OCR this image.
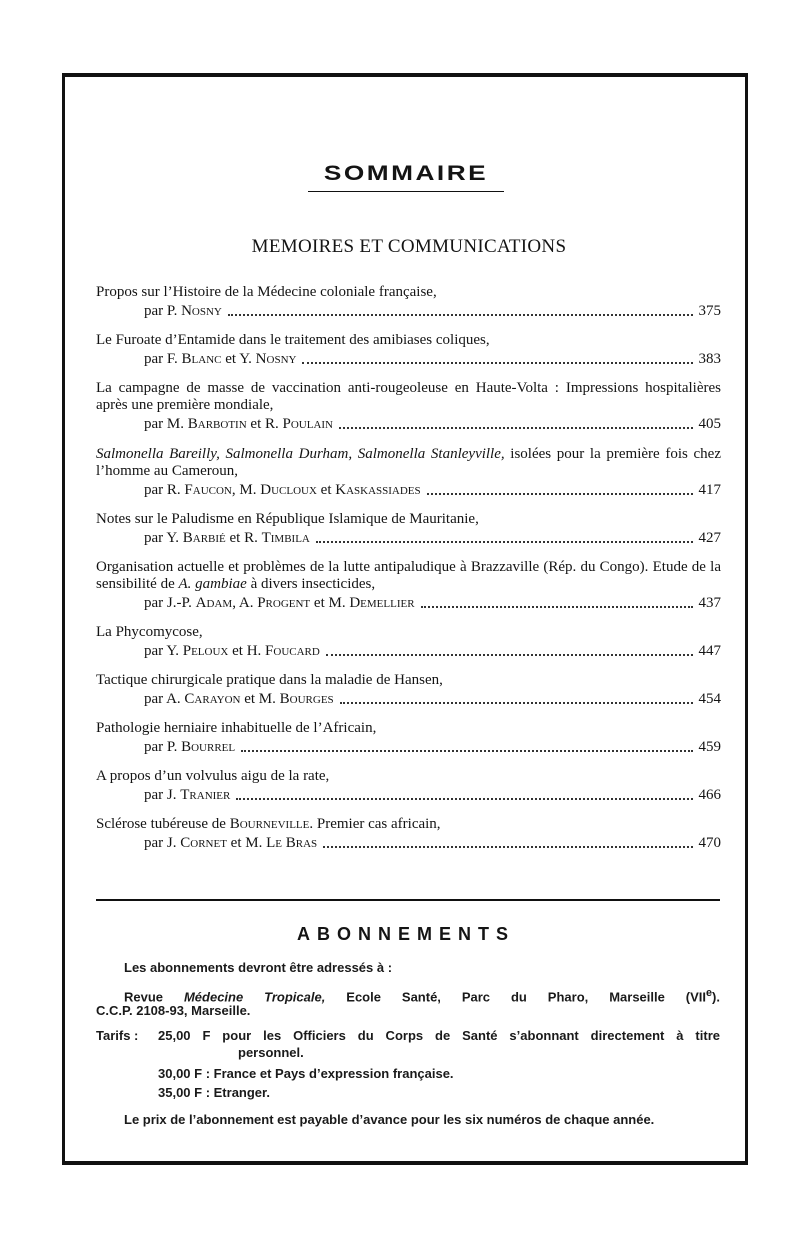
SOMMAIRE
MEMOIRES ET COMMUNICATIONS
Propos sur l’Histoire de la Médecine coloniale française,
par P. Nosny	375
Le Furoate d’Entamide dans le traitement des amibiases coliques,
par F. Blanc et Y. Nosny	383
La campagne de masse de vaccination anti-rougeoleuse en Haute-Volta : Impressions hospitalières après une première mondiale,
par M. Barbotin et R. Poulain	405
Salmonella Bareilly, Salmonella Durham, Salmonella Stanleyville, isolées pour la première fois chez l’homme au Cameroun,
par R. Faucon, M. Ducloux et Kaskassiades	417
Notes sur le Paludisme en République Islamique de Mauritanie,
par Y. Barbié et R. Timbila	427
Organisation actuelle et problèmes de la lutte antipaludique à Brazzaville (Rép. du Congo). Etude de la sensibilité de A. gambiae à divers insecticides,
par J.-P. Adam, A. Progent et M. Demellier	437
La Phycomycose,
par Y. Peloux et H. Foucard	447
Tactique chirurgicale pratique dans la maladie de Hansen,
par A. Carayon et M. Bourges	454
Pathologie herniaire inhabituelle de l’Africain,
par P. Bourrel	459
A propos d’un volvulus aigu de la rate,
par J. Tranier	466
Sclérose tubéreuse de Bourneville. Premier cas africain,
par J. Cornet et M. Le Bras	470
ABONNEMENTS
Les abonnements devront être adressés à :
Revue Médecine Tropicale, Ecole Santé, Parc du Pharo, Marseille (VIIe).
C.C.P. 2108-93, Marseille.
Tarifs :	25,00 F pour les Officiers du Corps de Santé s’abonnant directement à titre
personnel.
30,00 F : France et Pays d’expression française.
35,00 F : Etranger.
Le prix de l’abonnement est payable d’avance pour les six numéros de chaque année.
